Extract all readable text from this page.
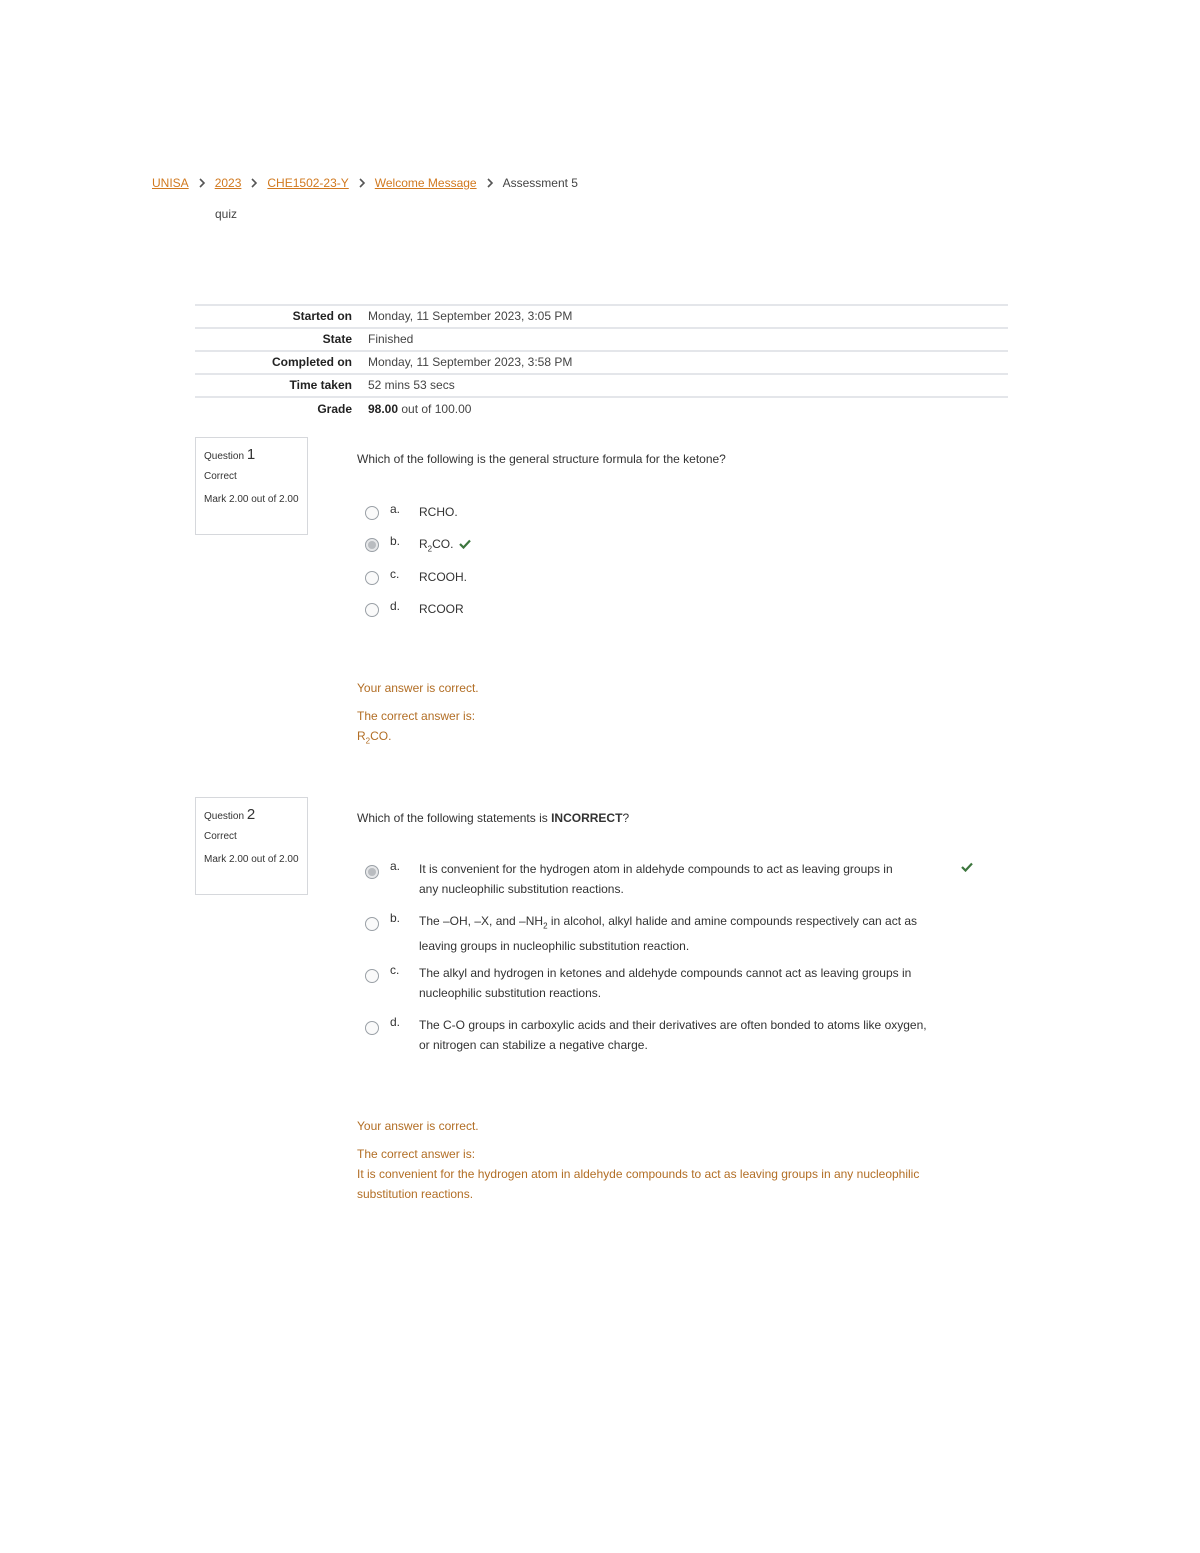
UNISA 2023 CHE1502-23-Y Welcome Message Assessment 5
quiz
Started on	Monday, 11 September 2023, 3:05 PM
State	Finished
Completed on	Monday, 11 September 2023, 3:58 PM
Time taken	52 mins 53 secs
Grade	98.00 out of 100.00
Question 1
Correct
Mark 2.00 out of 2.00
Which of the following is the general structure formula for the ketone?
a. RCHO.
b. $R_2CO$.
c. RCOOH.
d. RCOOR
Your answer is correct.
The correct answer is:
$R_2CO$.
Question 2
Correct
Mark 2.00 out of 2.00
Which of the following statements is INCORRECT?
a. It is convenient for the hydrogen atom in aldehyde compounds to act as leaving groups in
any nucleophilic substitution reactions.
b. The –OH, –X, and $-NH_2$ in alcohol, alkyl halide and amine compounds respectively can act as
leaving groups in nucleophilic substitution reaction.
c. The alkyl and hydrogen in ketones and aldehyde compounds cannot act as leaving groups in
nucleophilic substitution reactions.
d. The C-O groups in carboxylic acids and their derivatives are often bonded to atoms like oxygen,
or nitrogen can stabilize a negative charge.
Your answer is correct.
The correct answer is:
It is convenient for the hydrogen atom in aldehyde compounds to act as leaving groups in any nucleophilic
substitution reactions.
